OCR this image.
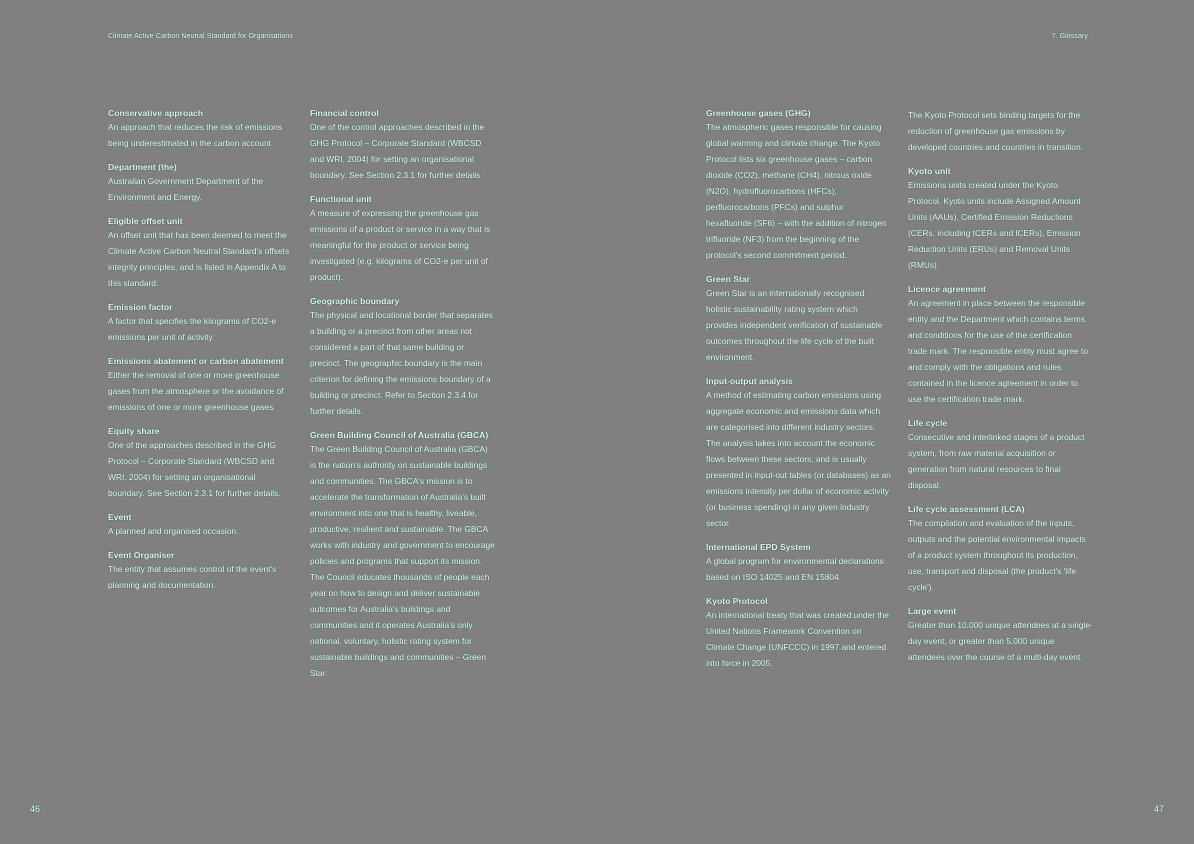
Climate Active Carbon Neutral Standard for Organisations	7. Glossary
Conservative approach
An approach that reduces the risk of emissions being underestimated in the carbon account.
Department (the)
Australian Government Department of the Environment and Energy.
Eligible offset unit
An offset unit that has been deemed to meet the Climate Active Carbon Neutral Standard's offsets integrity principles, and is listed in Appendix A to this standard.
Emission factor
A factor that specifies the kilograms of CO2-e emissions per unit of activity.
Emissions abatement or carbon abatement
Either the removal of one or more greenhouse gases from the atmosphere or the avoidance of emissions of one or more greenhouse gases.
Equity share
One of the approaches described in the GHG Protocol – Corporate Standard (WBCSD and WRI, 2004) for setting an organisational boundary. See Section 2.3.1 for further details.
Event
A planned and organised occasion.
Event Organiser
The entity that assumes control of the event's planning and documentation.
Financial control
One of the control approaches described in the GHG Protocol – Corporate Standard (WBCSD and WRI, 2004) for setting an organisational boundary. See Section 2.3.1 for further details.
Functional unit
A measure of expressing the greenhouse gas emissions of a product or service in a way that is meaningful for the product or service being investigated (e.g. kilograms of CO2-e per unit of product).
Geographic boundary
The physical and locational border that separates a building or a precinct from other areas not considered a part of that same building or precinct. The geographic boundary is the main criterion for defining the emissions boundary of a building or precinct. Refer to Section 2.3.4 for further details.
Green Building Council of Australia (GBCA)
The Green Building Council of Australia (GBCA) is the nation's authority on sustainable buildings and communities. The GBCA's mission is to accelerate the transformation of Australia's built environment into one that is healthy, liveable, productive, resilient and sustainable. The GBCA works with industry and government to encourage policies and programs that support its mission. The Council educates thousands of people each year on how to design and deliver sustainable outcomes for Australia's buildings and communities and it operates Australia's only national, voluntary, holistic rating system for sustainable buildings and communities – Green Star.
Greenhouse gases (GHG)
The atmospheric gases responsible for causing global warming and climate change. The Kyoto Protocol lists six greenhouse gases – carbon dioxide (CO2), methane (CH4), nitrous oxide (N2O), hydrofluorocarbons (HFCs), perfluorocarbons (PFCs) and sulphur hexafluoride (SF6) – with the addition of nitrogen trifluoride (NF3) from the beginning of the protocol's second commitment period.
Green Star
Green Star is an internationally recognised holistic sustainability rating system which provides independent verification of sustainable outcomes throughout the life cycle of the built environment.
Input-output analysis
A method of estimating carbon emissions using aggregate economic and emissions data which are categorised into different industry sectors. The analysis takes into account the economic flows between these sectors, and is usually presented in input-out tables (or databases) as an emissions intensity per dollar of economic activity (or business spending) in any given industry sector.
International EPD System
A global program for environmental declarations based on ISO 14025 and EN 15804.
Kyoto Protocol
An international treaty that was created under the United Nations Framework Convention on Climate Change (UNFCCC) in 1997 and entered into force in 2005.
The Kyoto Protocol sets binding targets for the reduction of greenhouse gas emissions by developed countries and countries in transition.
Kyoto unit
Emissions units created under the Kyoto Protocol. Kyoto units include Assigned Amount Units (AAUs), Certified Emission Reductions (CERs, including tCERs and lCERs), Emission Reduction Units (ERUs) and Removal Units (RMUs).
Licence agreement
An agreement in place between the responsible entity and the Department which contains terms and conditions for the use of the certification trade mark. The responsible entity must agree to and comply with the obligations and rules contained in the licence agreement in order to use the certification trade mark.
Life cycle
Consecutive and interlinked stages of a product system, from raw material acquisition or generation from natural resources to final disposal.
Life cycle assessment (LCA)
The compilation and evaluation of the inputs, outputs and the potential environmental impacts of a product system throughout its production, use, transport and disposal (the product's 'life cycle').
Large event
Greater than 10,000 unique attendees at a single-day event, or greater than 5,000 unique attendees over the course of a multi-day event.
46	47
